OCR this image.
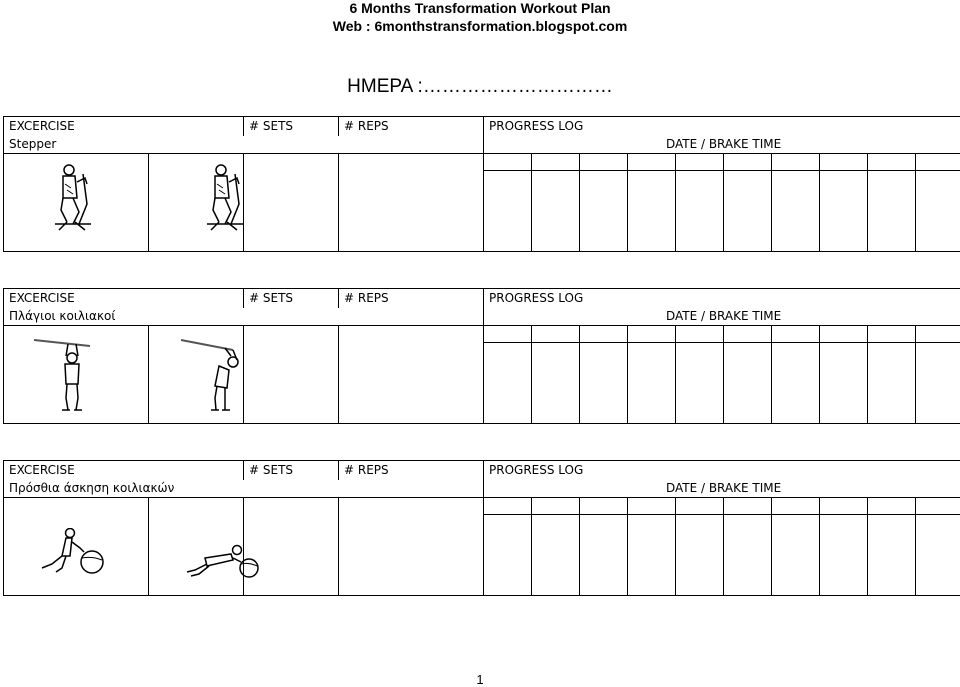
6 Months Transformation Workout Plan
Web : 6monthstransformation.blogspot.com
ΗΜΕΡΑ :…………………………
EXCERCISE		# SETS	# REPS	PROGRESS LOG									
Stepper				DATE / BRAKE TIME									

EXCERCISE		# SETS	# REPS	PROGRESS LOG									
Πλάγιοι κοιλιακοί				DATE / BRAKE TIME									

EXCERCISE		# SETS	# REPS	PROGRESS LOG									
Πρόσθια άσκηση κοιλιακών				DATE / BRAKE TIME									

1
